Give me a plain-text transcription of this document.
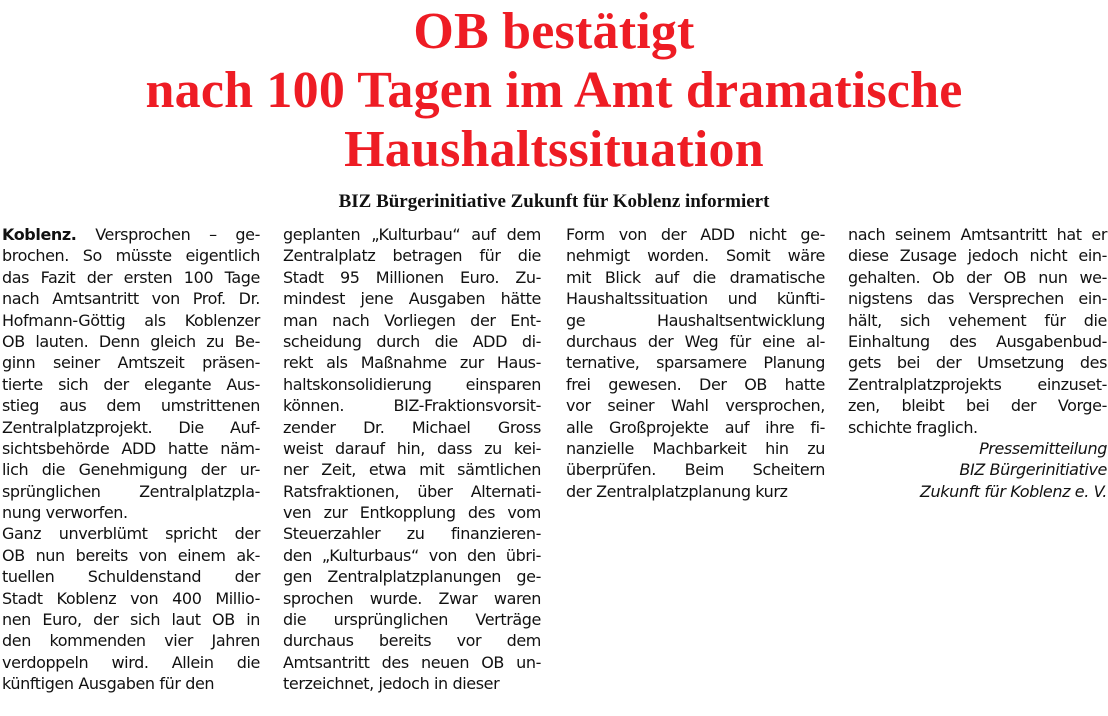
OB bestätigt
nach 100 Tagen im Amt dramatische
Haushaltssituation
BIZ Bürgerinitiative Zukunft für Koblenz informiert
Koblenz. Versprochen – ge-
brochen. So müsste eigentlich
das Fazit der ersten 100 Tage
nach Amtsantritt von Prof. Dr.
Hofmann-Göttig als Koblenzer
OB lauten. Denn gleich zu Be-
ginn seiner Amtszeit präsen-
tierte sich der elegante Aus-
stieg aus dem umstrittenen
Zentralplatzprojekt. Die Auf-
sichtsbehörde ADD hatte näm-
lich die Genehmigung der ur-
sprünglichen Zentralplatzpla-
nung verworfen.
Ganz unverblümt spricht der
OB nun bereits von einem ak-
tuellen Schuldenstand der
Stadt Koblenz von 400 Millio-
nen Euro, der sich laut OB in
den kommenden vier Jahren
verdoppeln wird. Allein die
künftigen Ausgaben für den
geplanten „Kulturbau“ auf dem
Zentralplatz betragen für die
Stadt 95 Millionen Euro. Zu-
mindest jene Ausgaben hätte
man nach Vorliegen der Ent-
scheidung durch die ADD di-
rekt als Maßnahme zur Haus-
haltskonsolidierung einsparen
können. BIZ-Fraktionsvorsit-
zender Dr. Michael Gross
weist darauf hin, dass zu kei-
ner Zeit, etwa mit sämtlichen
Ratsfraktionen, über Alternati-
ven zur Entkopplung des vom
Steuerzahler zu finanzieren-
den „Kulturbaus“ von den übri-
gen Zentralplatzplanungen ge-
sprochen wurde. Zwar waren
die ursprünglichen Verträge
durchaus bereits vor dem
Amtsantritt des neuen OB un-
terzeichnet, jedoch in dieser
Form von der ADD nicht ge-
nehmigt worden. Somit wäre
mit Blick auf die dramatische
Haushaltssituation und künfti-
ge Haushaltsentwicklung
durchaus der Weg für eine al-
ternative, sparsamere Planung
frei gewesen. Der OB hatte
vor seiner Wahl versprochen,
alle Großprojekte auf ihre fi-
nanzielle Machbarkeit hin zu
überprüfen. Beim Scheitern
der Zentralplatzplanung kurz
nach seinem Amtsantritt hat er
diese Zusage jedoch nicht ein-
gehalten. Ob der OB nun we-
nigstens das Versprechen ein-
hält, sich vehement für die
Einhaltung des Ausgabenbud-
gets bei der Umsetzung des
Zentralplatzprojekts einzuset-
zen, bleibt bei der Vorge-
schichte fraglich.
Pressemitteilung
BIZ Bürgerinitiative
Zukunft für Koblenz e. V.
